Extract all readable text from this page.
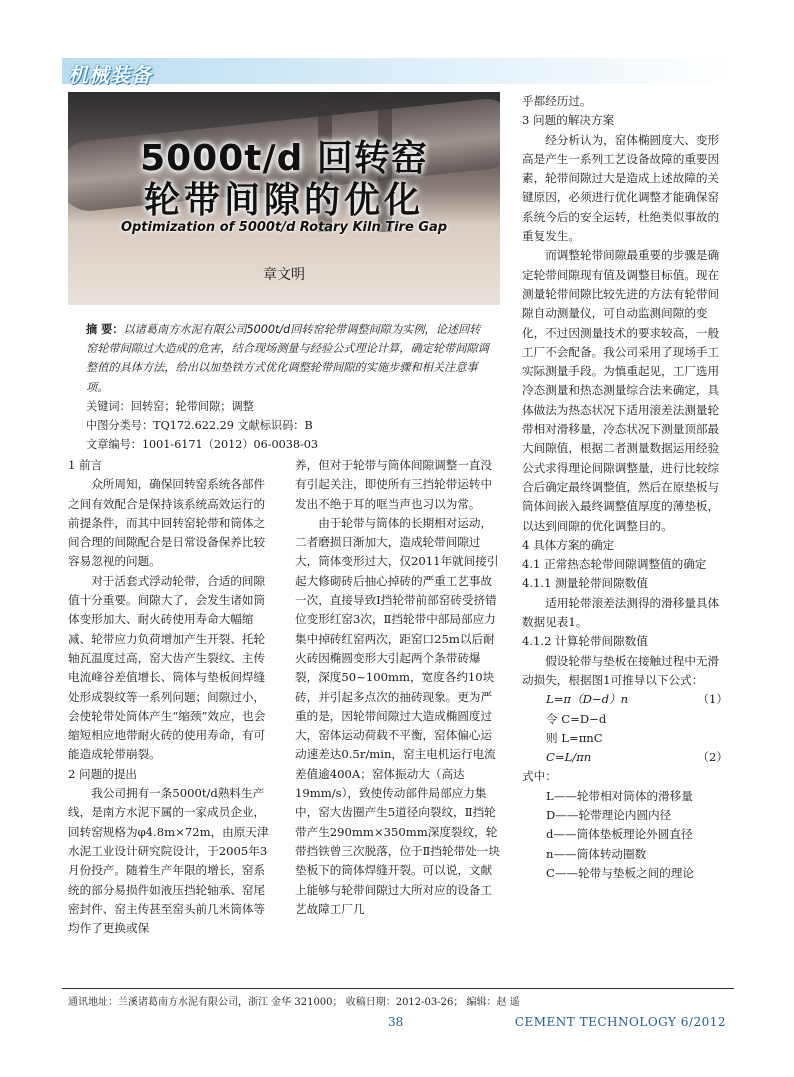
机械装备
5000t/d 回转窑
轮带间隙的优化
Optimization of 5000t/d Rotary Kiln Tire Gap
章文明

摘 要：以诸葛南方水泥有限公司5000t/d回转窑轮带调整间隙为实例，论述回转窑轮带间隙过大造成的危害，结合现场测量与经验公式理论计算，确定轮带间隙调整值的具体方法，给出以加垫铁方式优化调整轮带间隙的实施步骤和相关注意事项。

关键词：回转窑；轮带间隙；调整

中图分类号：TQ172.622.29 文献标识码：B

文章编号：1001-6171（2012）06-0038-03

1 前言

众所周知，确保回转窑系统各部件之间有效配合是保持该系统高效运行的前提条件，而其中回转窑轮带和筒体之间合理的间隙配合是日常设备保养比较容易忽视的问题。

对于活套式浮动轮带，合适的间隙值十分重要。间隙大了，会发生诸如筒体变形加大、耐火砖使用寿命大幅缩减、轮带应力负荷增加产生开裂、托轮轴瓦温度过高，窑大齿产生裂纹、主传电流峰谷差值增长、筒体与垫板间焊缝处形成裂纹等一系列问题；间隙过小，会使轮带处筒体产生“缩颈”效应，也会缩短相应地带耐火砖的使用寿命，有可能造成轮带崩裂。

2 问题的提出

我公司拥有一条5000t/d熟料生产线，是南方水泥下属的一家成员企业，回转窑规格为φ4.8m×72m，由原天津水泥工业设计研究院设计，于2005年3月份投产。随着生产年限的增长，窑系统的部分易损件如液压挡轮轴承、窑尾密封件、窑主传甚至窑头前几米筒体等均作了更换或保

养，但对于轮带与筒体间隙调整一直没有引起关注，即使所有三挡轮带运转中发出不绝于耳的哐当声也习以为常。

由于轮带与筒体的长期相对运动，二者磨损日渐加大，造成轮带间隙过大，筒体变形过大，仅2011年就间接引起大修砌砖后抽心掉砖的严重工艺事故一次，直接导致Ⅰ挡轮带前部窑砖受挤错位变形红窑3次，Ⅱ挡轮带中部局部应力集中掉砖红窑两次，距窑口25m以后耐火砖因椭圆变形大引起两个条带砖爆裂，深度50~100mm，宽度各约10块砖，并引起多点次的抽砖现象。更为严重的是，因轮带间隙过大造成椭圆度过大，窑体运动荷载不平衡，窑体偏心运动速差达0.5r/min，窑主电机运行电流差值逾400A；窑体振动大（高达19mm/s），致使传动部件局部应力集中，窑大齿圈产生5道径向裂纹，Ⅱ挡轮带产生290mm×350mm深度裂纹，轮带挡铁曾三次脱落，位于Ⅱ挡轮带处一块垫板下的筒体焊缝开裂。可以说，文献上能够与轮带间隙过大所对应的设备工艺故障工厂几

乎都经历过。

3 问题的解决方案

经分析认为，窑体椭圆度大、变形高是产生一系列工艺设备故障的重要因素，轮带间隙过大是造成上述故障的关键原因，必须进行优化调整才能确保窑系统今后的安全运转，杜绝类似事故的重复发生。

而调整轮带间隙最重要的步骤是确定轮带间隙现有值及调整目标值。现在测量轮带间隙比较先进的方法有轮带间隙自动测量仪，可自动监测间隙的变化，不过因测量技术的要求较高，一般工厂不会配备。我公司采用了现场手工实际测量手段。为慎重起见，工厂选用冷态测量和热态测量综合法来确定，具体做法为热态状况下适用滚差法测量轮带相对滑移量，冷态状况下测量顶部最大间隙值，根据二者测量数据运用经验公式求得理论间隙调整量，进行比较综合后确定最终调整值，然后在原垫板与筒体间嵌入最终调整值厚度的薄垫板，以达到间隙的优化调整目的。

4 具体方案的确定

4.1 正常热态轮带间隙调整值的确定

4.1.1 测量轮带间隙数值

适用轮带滚差法测得的滑移量具体数据见表1。

4.1.2 计算轮带间隙数值

假设轮带与垫板在接触过程中无滑动损失，根据图1可推导以下公式：

L=π（D−d）n	（1）

令 C=D−d

则 L=πnC

C=L/πn	（2）

式中：

L——轮带相对筒体的滑移量

D——轮带理论内圆内径

d——筒体垫板理论外圆直径

n——筒体转动圈数

C——轮带与垫板之间的理论

通讯地址：兰溪诸葛南方水泥有限公司，浙江 金华 321000； 收稿日期：2012-03-26； 编辑：赵 遥
38	CEMENT TECHNOLOGY 6/2012
